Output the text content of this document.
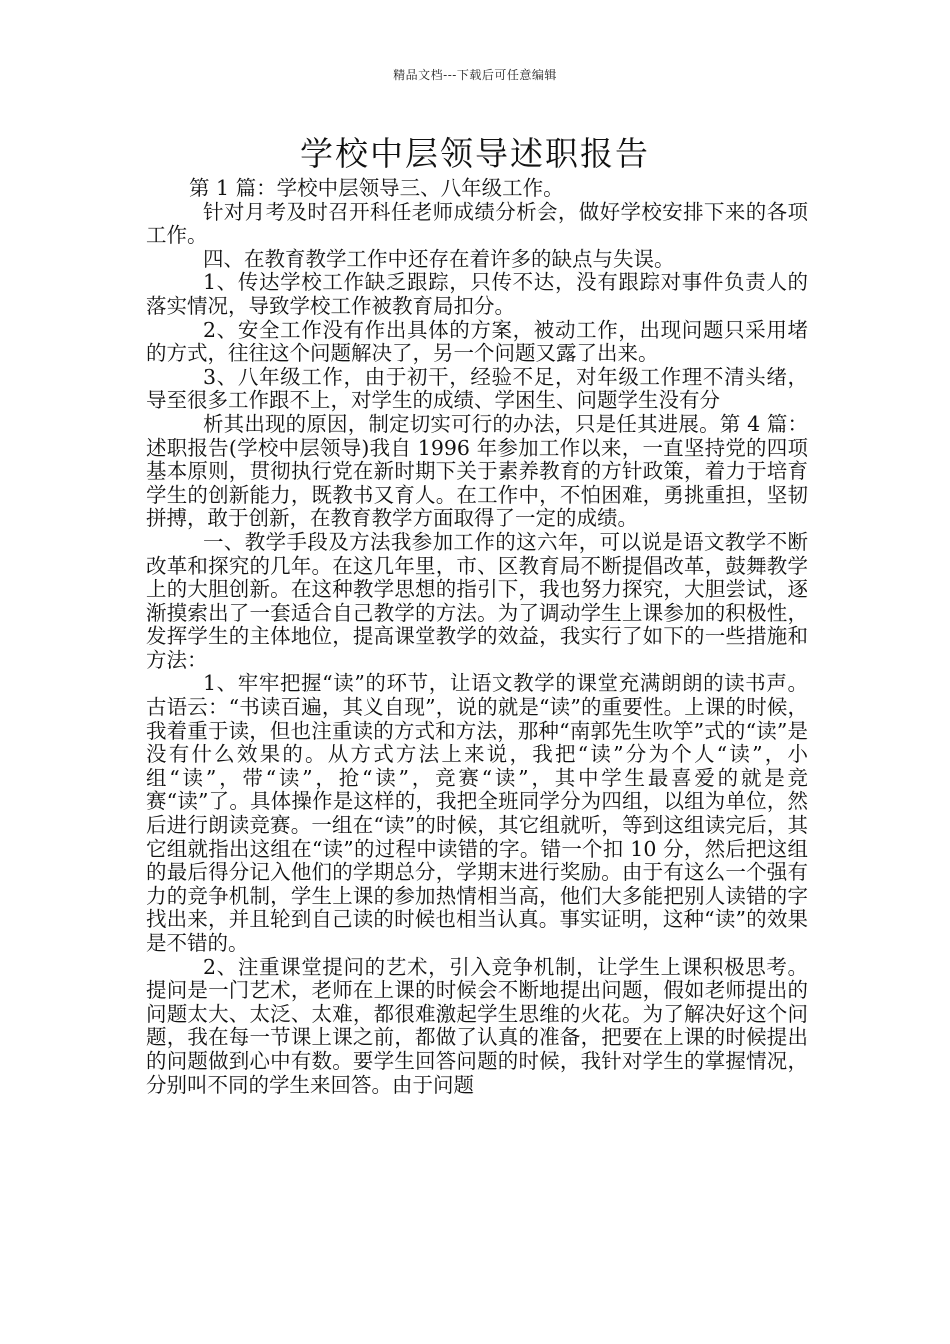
精品文档---下载后可任意编辑
学校中层领导述职报告

第 1 篇：学校中层领导三、八年级工作。

针对月考及时召开科任老师成绩分析会，做好学校安排下来的各项工作。

四、在教育教学工作中还存在着许多的缺点与失误。

1、传达学校工作缺乏跟踪，只传不达，没有跟踪对事件负责人的落实情况，导致学校工作被教育局扣分。

2、安全工作没有作出具体的方案，被动工作，出现问题只采用堵的方式，往往这个问题解决了，另一个问题又露了出来。

3、八年级工作，由于初干，经验不足，对年级工作理不清头绪，导至很多工作跟不上，对学生的成绩、学困生、问题学生没有分

析其出现的原因，制定切实可行的办法，只是任其进展。第 4 篇：述职报告(学校中层领导)我自 1996 年参加工作以来，一直坚持党的四项基本原则，贯彻执行党在新时期下关于素养教育的方针政策，着力于培育学生的创新能力，既教书又育人。在工作中，不怕困难，勇挑重担，坚韧拼搏，敢于创新，在教育教学方面取得了一定的成绩。

一、教学手段及方法我参加工作的这六年，可以说是语文教学不断改革和探究的几年。在这几年里，市、区教育局不断提倡改革，鼓舞教学上的大胆创新。在这种教学思想的指引下，我也努力探究，大胆尝试，逐渐摸索出了一套适合自己教学的方法。为了调动学生上课参加的积极性，发挥学生的主体地位，提高课堂教学的效益，我实行了如下的一些措施和方法：

1、牢牢把握“读”的环节，让语文教学的课堂充满朗朗的读书声。古语云：“书读百遍，其义自现”，说的就是“读”的重要性。上课的时候，我着重于读，但也注重读的方式和方法，那种“南郭先生吹竽”式的“读”是没有什么效果的。从方式方法上来说，我把“读”分为个人“读”，小组“读”，带“读”，抢“读”，竞赛“读”，其中学生最喜爱的就是竞赛“读”了。具体操作是这样的，我把全班同学分为四组，以组为单位，然后进行朗读竞赛。一组在“读”的时候，其它组就听，等到这组读完后，其它组就指出这组在“读”的过程中读错的字。错一个扣 10 分，然后把这组的最后得分记入他们的学期总分，学期末进行奖励。由于有这么一个强有力的竞争机制，学生上课的参加热情相当高，他们大多能把别人读错的字找出来，并且轮到自己读的时候也相当认真。事实证明，这种“读”的效果是不错的。

2、注重课堂提问的艺术，引入竞争机制，让学生上课积极思考。提问是一门艺术，老师在上课的时候会不断地提出问题，假如老师提出的问题太大、太泛、太难，都很难激起学生思维的火花。为了解决好这个问题，我在每一节课上课之前，都做了认真的准备，把要在上课的时候提出的问题做到心中有数。要学生回答问题的时候，我针对学生的掌握情况，分别叫不同的学生来回答。由于问题
